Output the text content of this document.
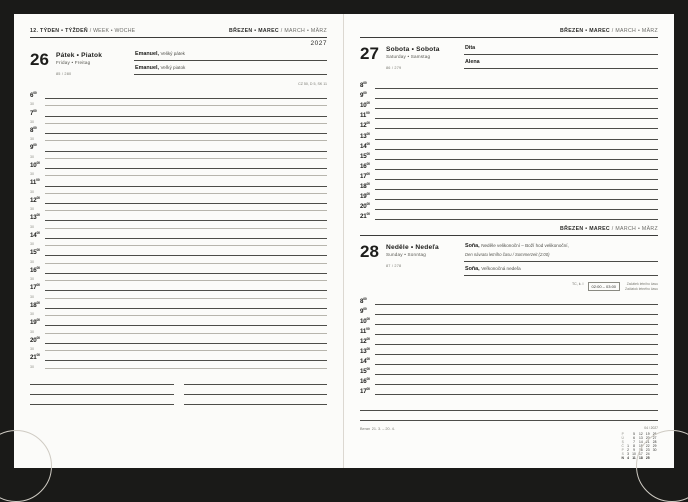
12. TÝDEN • TÝŽDEŇ / WEEK • WOCHE	BŘEZEN • MAREC / MARCH • MÄRZ
2027
26	Pátek • Piatok
Friday • Freitag
85 / 280
Emanuel, Veliký pátek
Emanuel, Veľký piatok
CZ 50, D 5, SK 11
$6^{00}$
30
$7^{00}$
30
$8^{00}$
30
$9^{00}$
30
$10^{00}$
30
$11^{00}$
30
$12^{00}$
30
$13^{00}$
30
$14^{00}$
30
$15^{00}$
30
$16^{00}$
30
$17^{00}$
30
$18^{00}$
30
$19^{00}$
30
$20^{00}$
30
$21^{00}$
30
BŘEZEN • MAREC / MARCH • MÄRZ
27	Sobota • Sobota
Saturday • Samstag
86 / 279
Dita
Alena
$8^{00}$
$9^{00}$
$10^{00}$
$11^{00}$
$12^{00}$
$13^{00}$
$14^{00}$
$15^{00}$
$16^{00}$
$17^{00}$
$18^{00}$
$19^{00}$
$20^{00}$
$21^{00}$
BŘEZEN • MAREC / MARCH • MÄRZ
28	Neděle • Nedeľa
Sunday • Sonntag
87 / 278
Soňa, Neděle velikonoční – Boží hod velikonoční,
Den návratu letního času / Sommerzeit (2:00)
Soňa, Veľkonočná nedeľa
TC, k. I	02:00 – 03:00	Začátek letního času
Začiatok letného času
$8^{00}$
$9^{00}$
$10^{00}$
$11^{00}$
$12^{00}$
$13^{00}$
$14^{00}$
$15^{00}$
$16^{00}$
$17^{00}$
Beran 21. 3. – 20. 4.	04 / 2027
P		5	12	19	26
Ú		6	13	20	27
S		7	14	21	28
Č	1	8	15	22	29
P	2	9	16	23	30
S	3	10	17	24	
N	4	11	18	25	
